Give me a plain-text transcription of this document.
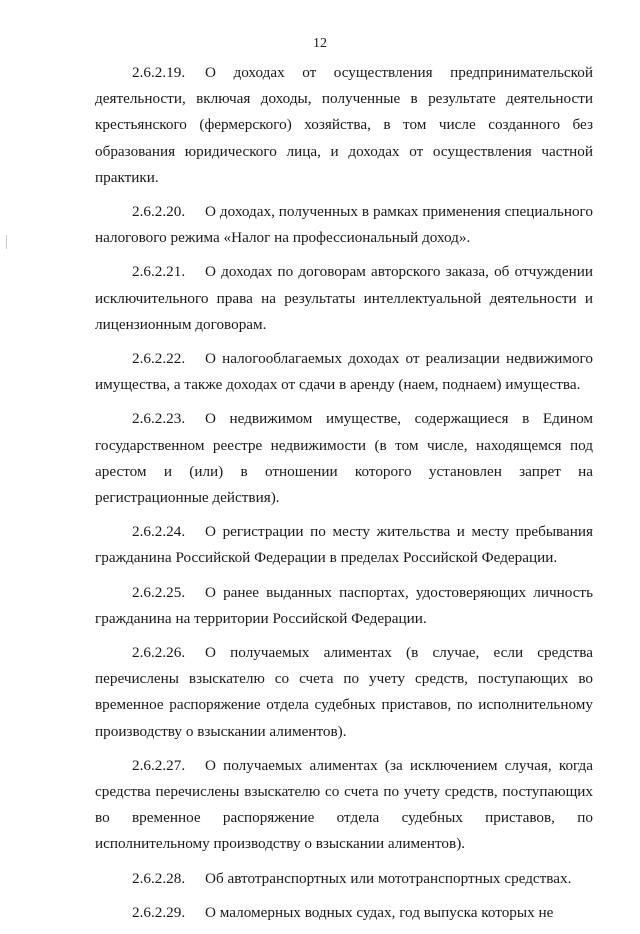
12

2.6.2.19. О доходах от осуществления предпринимательской деятельности, включая доходы, полученные в результате деятельности крестьянского (фермерского) хозяйства, в том числе созданного без образования юридического лица, и доходах от осуществления частной практики.

2.6.2.20. О доходах, полученных в рамках применения специального налогового режима «Налог на профессиональный доход».

2.6.2.21. О доходах по договорам авторского заказа, об отчуждении исключительного права на результаты интеллектуальной деятельности и лицензионным договорам.

2.6.2.22. О налогооблагаемых доходах от реализации недвижимого имущества, а также доходах от сдачи в аренду (наем, поднаем) имущества.

2.6.2.23. О недвижимом имуществе, содержащиеся в Едином государственном реестре недвижимости (в том числе, находящемся под арестом и (или) в отношении которого установлен запрет на регистрационные действия).

2.6.2.24. О регистрации по месту жительства и месту пребывания гражданина Российской Федерации в пределах Российской Федерации.

2.6.2.25. О ранее выданных паспортах, удостоверяющих личность гражданина на территории Российской Федерации.

2.6.2.26. О получаемых алиментах (в случае, если средства перечислены взыскателю со счета по учету средств, поступающих во временное распоряжение отдела судебных приставов, по исполнительному производству о взыскании алиментов).

2.6.2.27. О получаемых алиментах (за исключением случая, когда средства перечислены взыскателю со счета по учету средств, поступающих во временное распоряжение отдела судебных приставов, по исполнительному производству о взыскании алиментов).

2.6.2.28. Об автотранспортных или мототранспортных средствах.

2.6.2.29. О маломерных водных судах, год выпуска которых не
